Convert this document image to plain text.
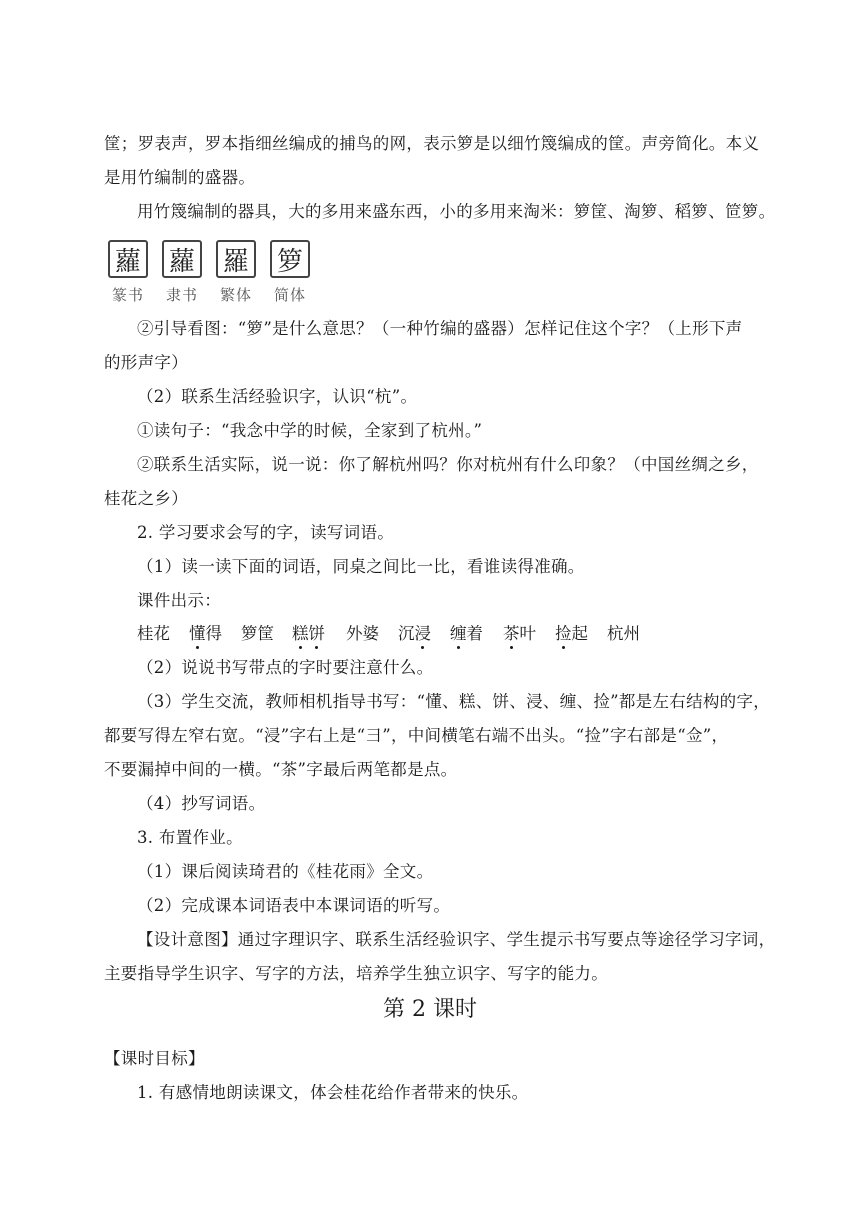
筐；罗表声，罗本指细丝编成的捕鸟的网，表示箩是以细竹篾编成的筐。声旁简化。本义
是用竹编制的盛器。
用竹篾编制的器具，大的多用来盛东西，小的多用来淘米：箩筐、淘箩、稻箩、笸箩。
蘿 蘿 羅 箩
篆书	隶书	繁体	简体
②引导看图：“箩”是什么意思？（一种竹编的盛器）怎样记住这个字？（上形下声
的形声字）
（2）联系生活经验识字，认识“杭”。
①读句子：“我念中学的时候，全家到了杭州。”
②联系生活实际，说一说：你了解杭州吗？你对杭州有什么印象？（中国丝绸之乡，
桂花之乡）
2. 学习要求会写的字，读写词语。
（1）读一读下面的词语，同桌之间比一比，看谁读得准确。
课件出示：
桂花 懂得 箩筐 糕饼 外婆 沉浸 缠着 茶叶 捡起 杭州
（2）说说书写带点的字时要注意什么。
（3）学生交流，教师相机指导书写：“懂、糕、饼、浸、缠、捡”都是左右结构的字，
都要写得左窄右宽。“浸”字右上是“彐”，中间横笔右端不出头。“捡”字右部是“佥”，
不要漏掉中间的一横。“茶”字最后两笔都是点。
（4）抄写词语。
3. 布置作业。
（1）课后阅读琦君的《桂花雨》全文。
（2）完成课本词语表中本课词语的听写。
【设计意图】通过字理识字、联系生活经验识字、学生提示书写要点等途径学习字词，
主要指导学生识字、写字的方法，培养学生独立识字、写字的能力。
第 2 课时
【课时目标】
1. 有感情地朗读课文，体会桂花给作者带来的快乐。
